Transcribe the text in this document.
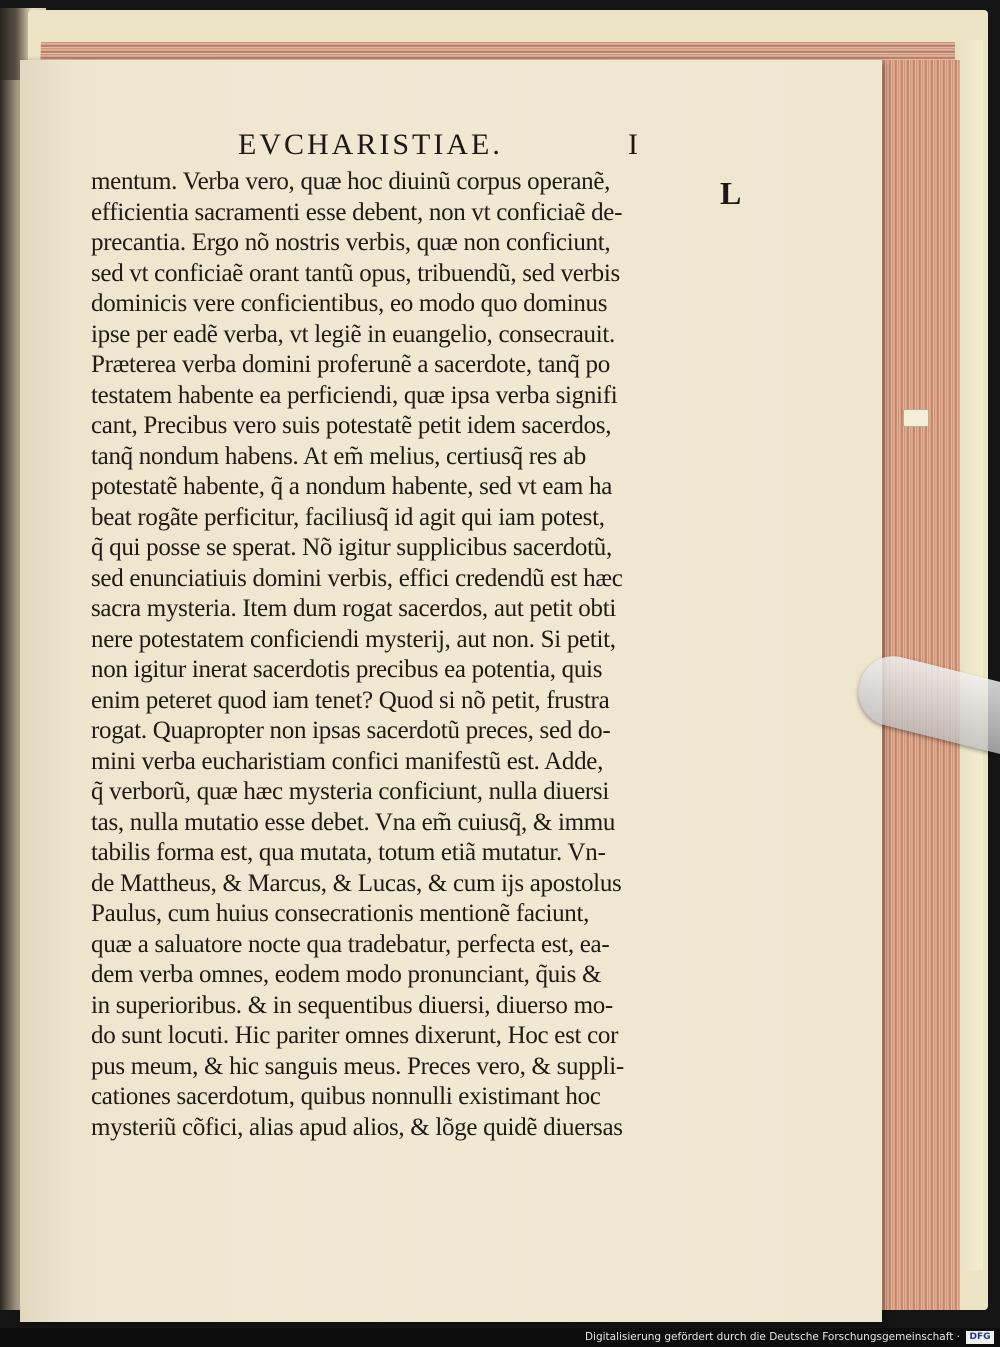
EVCHARISTIAE.	I
L
mentum. Verba vero, quæ hoc diuinũ corpus operanẽ,
efficientia sacramenti esse debent, non vt conficiaẽ de-
precantia. Ergo nõ nostris verbis, quæ non conficiunt,
sed vt conficiaẽ orant tantũ opus, tribuendũ, sed verbis
dominicis vere conficientibus, eo modo quo dominus
ipse per eadẽ verba, vt legiẽ in euangelio, consecrauit.
Præterea verba domini proferunẽ a sacerdote, tanq̃ po
testatem habente ea perficiendi, quæ ipsa verba signifi
cant, Precibus vero suis potestatẽ petit idem sacerdos,
tanq̃ nondum habens. At em̃ melius, certiusq̃ res ab
potestatẽ habente, q̃ a nondum habente, sed vt eam ha
beat rogãte perficitur, faciliusq̃ id agit qui iam potest,
q̃ qui posse se sperat. Nõ igitur supplicibus sacerdotũ,
sed enunciatiuis domini verbis, effici credendũ est hæc
sacra mysteria. Item dum rogat sacerdos, aut petit obti
nere potestatem conficiendi mysterij, aut non. Si petit,
non igitur inerat sacerdotis precibus ea potentia, quis
enim peteret quod iam tenet? Quod si nõ petit, frustra
rogat. Quapropter non ipsas sacerdotũ preces, sed do-
mini verba eucharistiam confici manifestũ est. Adde,
q̃ verborũ, quæ hæc mysteria conficiunt, nulla diuersi
tas, nulla mutatio esse debet. Vna em̃ cuiusq̃, & immu
tabilis forma est, qua mutata, totum etiã mutatur. Vn-
de Mattheus, & Marcus, & Lucas, & cum ijs apostolus
Paulus, cum huius consecrationis mentionẽ faciunt,
quæ a saluatore nocte qua tradebatur, perfecta est, ea-
dem verba omnes, eodem modo pronunciant, q̃uis &
in superioribus. & in sequentibus diuersi, diuerso mo-
do sunt locuti. Hic pariter omnes dixerunt, Hoc est cor
pus meum, & hic sanguis meus. Preces vero, & suppli-
cationes sacerdotum, quibus nonnulli existimant hoc
mysteriũ cõfici, alias apud alios, & lõge quidẽ diuersas
Digitalisierung gefördert durch die Deutsche Forschungsgemeinschaft ·	DFG
